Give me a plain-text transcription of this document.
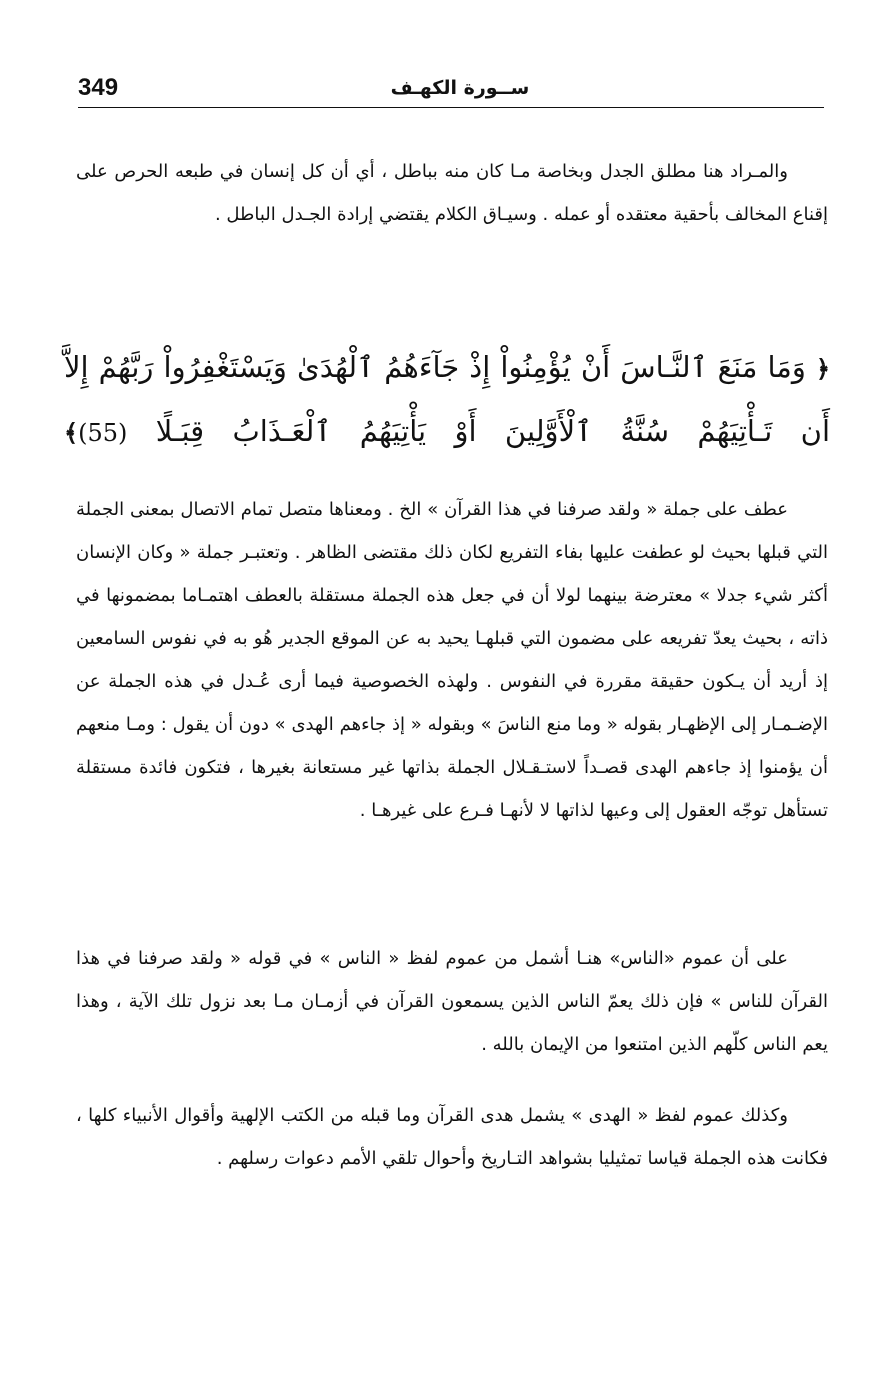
349	ســورة الكهـف

والمـراد هنا مطلق الجدل وبخاصة مـا كان منه بباطل ، أي أن كل إنسان في طبعه الحرص على إقناع المخالف بأحقية معتقده أو عمله . وسيـاق الكلام يقتضي إرادة الجـدل الباطل .

﴿ وَمَا مَنَعَ ٱلنَّـاسَ أَنْ يُؤْمِنُواْ إِذْ جَآءَهُمُ ٱلْهُدَىٰ وَيَسْتَغْفِرُواْ رَبَّهُمْ إِلاَّ أَن تَـأْتِيَهُمْ سُنَّةُ ٱلْأَوَّلِينَ أَوْ يَأْتِيَهُمُ ٱلْعَـذَابُ قِبَـلًا (55)﴾

عطف على جملة « ولقد صرفنا في هذا القرآن » الخ . ومعناها متصل تمام الاتصال بمعنى الجملة التي قبلها بحيث لو عطفت عليها بفاء التفريع لكان ذلك مقتضى الظاهر . وتعتبـر جملة « وكان الإنسان أكثر شيء جدلا » معترضة بينهما لولا أن في جعل هذه الجملة مستقلة بالعطف اهتمـاما بمضمونها في ذاته ، بحيث يعدّ تفريعه على مضمون التي قبلهـا يحيد به عن الموقع الجدير هُو به في نفوس السامعين إذ أريد أن يـكون حقيقة مقررة في النفوس . ولهذه الخصوصية فيما أرى عُـدل في هذه الجملة عن الإضـمـار إلى الإظهـار بقوله « وما منع الناسَ » وبقوله « إذ جاءهم الهدى » دون أن يقول : ومـا منعهم أن يؤمنوا إذ جاءهم الهدى قصـداً لاستـقـلال الجملة بذاتها غير مستعانة بغيرها ، فتكون فائدة مستقلة تستأهل توجّه العقول إلى وعيها لذاتها لا لأنهـا فـرع على غيرهـا .

على أن عموم «الناس» هنـا أشمل من عموم لفظ « الناس » في قوله « ولقد صرفنا في هذا القرآن للناس » فإن ذلك يعمّ الناس الذين يسمعون القرآن في أزمـان مـا بعد نزول تلك الآية ، وهذا يعم الناس كلّهم الذين امتنعوا من الإيمان بالله .

وكذلك عموم لفظ « الهدى » يشمل هدى القرآن وما قبله من الكتب الإلهية وأقوال الأنبياء كلها ، فكانت هذه الجملة قياسا تمثيليا بشواهد التـاريخ وأحوال تلقي الأمم دعوات رسلهم .
